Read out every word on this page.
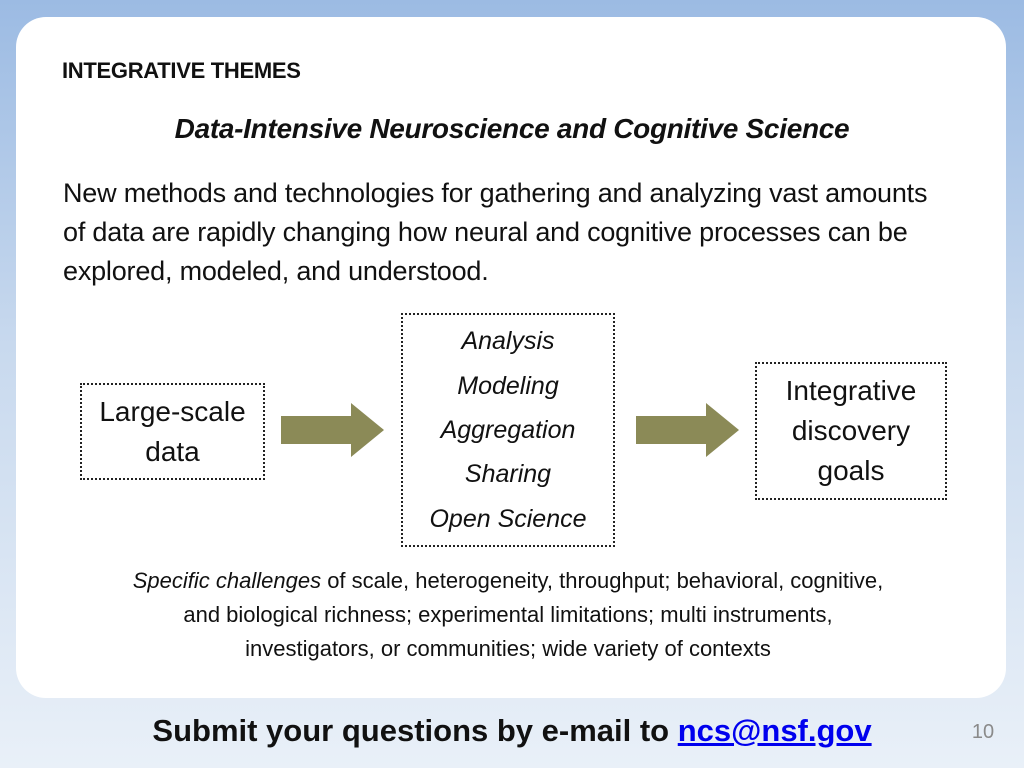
INTEGRATIVE THEMES
Data-Intensive Neuroscience and Cognitive Science
New methods and technologies for gathering and analyzing vast amounts of data are rapidly changing how neural and cognitive processes can be explored, modeled, and understood.
Large-scale
data
Analysis
Modeling
Aggregation
Sharing
Open Science
Integrative
discovery
goals
Specific challenges of scale, heterogeneity, throughput; behavioral, cognitive,
and biological richness; experimental limitations; multi instruments,
investigators, or communities; wide variety of contexts
Submit your questions by e-mail to ncs@nsf.gov	10
